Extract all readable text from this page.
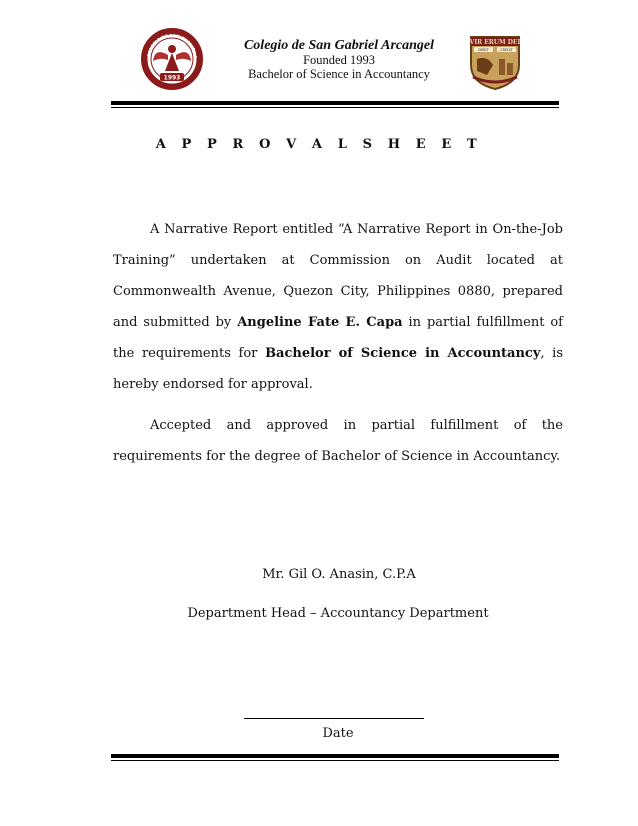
COLEGIO DE SAN GABRIEL A
1993
Colegio de San Gabriel Arcangel
Founded 1993
Bachelor of Science in Accountancy
VIR ERUM DEI
DEBIT	CREDIT
A P P R O V A L S H E E T
A Narrative Report entitled “A Narrative Report in On-the-Job Training” undertaken at Commission on Audit located at Commonwealth Avenue, Quezon City, Philippines 0880, prepared and submitted by Angeline Fate E. Capa in partial fulfillment of the requirements for Bachelor of Science in Accountancy, is hereby endorsed for approval.
Accepted and approved in partial fulfillment of the requirements for the degree of Bachelor of Science in Accountancy.
Mr. Gil O. Anasin, C.P.A
Department Head – Accountancy Department
Date
